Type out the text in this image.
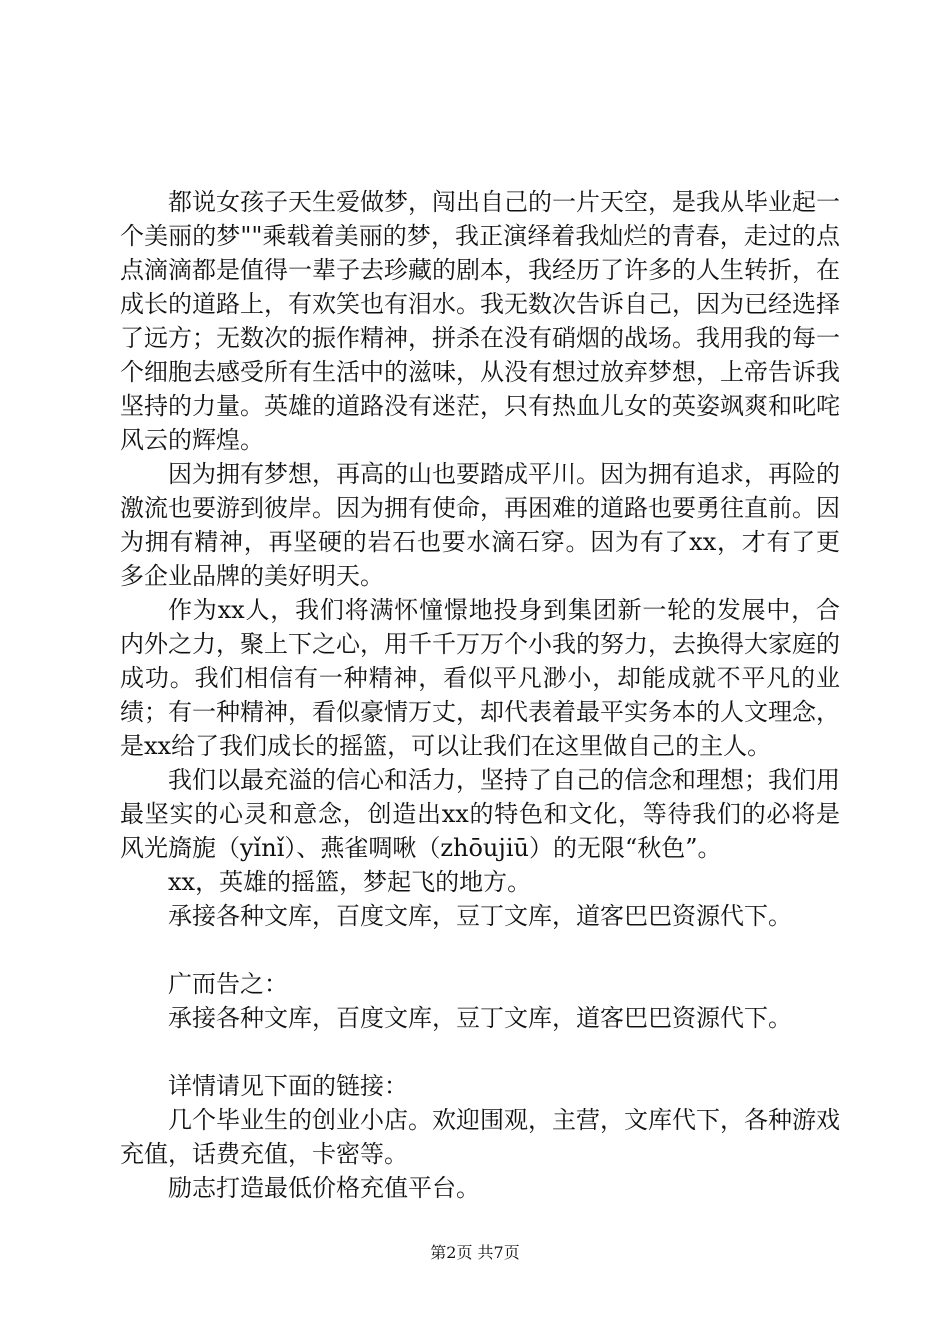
都说女孩子天生爱做梦，闯出自己的一片天空，是我从毕业起一个美丽的梦""乘载着美丽的梦，我正演绎着我灿烂的青春，走过的点点滴滴都是值得一辈子去珍藏的剧本，我经历了许多的人生转折，在成长的道路上，有欢笑也有泪水。我无数次告诉自己，因为已经选择了远方；无数次的振作精神，拼杀在没有硝烟的战场。我用我的每一个细胞去感受所有生活中的滋味，从没有想过放弃梦想，上帝告诉我坚持的力量。英雄的道路没有迷茫，只有热血儿女的英姿飒爽和叱咤风云的辉煌。

因为拥有梦想，再高的山也要踏成平川。因为拥有追求，再险的激流也要游到彼岸。因为拥有使命，再困难的道路也要勇往直前。因为拥有精神，再坚硬的岩石也要水滴石穿。因为有了xx，才有了更多企业品牌的美好明天。

作为xx人，我们将满怀憧憬地投身到集团新一轮的发展中，合内外之力，聚上下之心，用千千万万个小我的努力，去换得大家庭的成功。我们相信有一种精神，看似平凡渺小，却能成就不平凡的业绩；有一种精神，看似豪情万丈，却代表着最平实务本的人文理念，是xx给了我们成长的摇篮，可以让我们在这里做自己的主人。

我们以最充溢的信心和活力，坚持了自己的信念和理想；我们用最坚实的心灵和意念，创造出xx的特色和文化，等待我们的必将是风光旖旎（yǐnǐ）、燕雀啁啾（zhōujiū）的无限“秋色”。

xx，英雄的摇篮，梦起飞的地方。

承接各种文库，百度文库，豆丁文库，道客巴巴资源代下。

广而告之：

承接各种文库，百度文库，豆丁文库，道客巴巴资源代下。

详情请见下面的链接：

几个毕业生的创业小店。欢迎围观，主营，文库代下，各种游戏充值，话费充值，卡密等。

励志打造最低价格充值平台。

第2页 共7页
